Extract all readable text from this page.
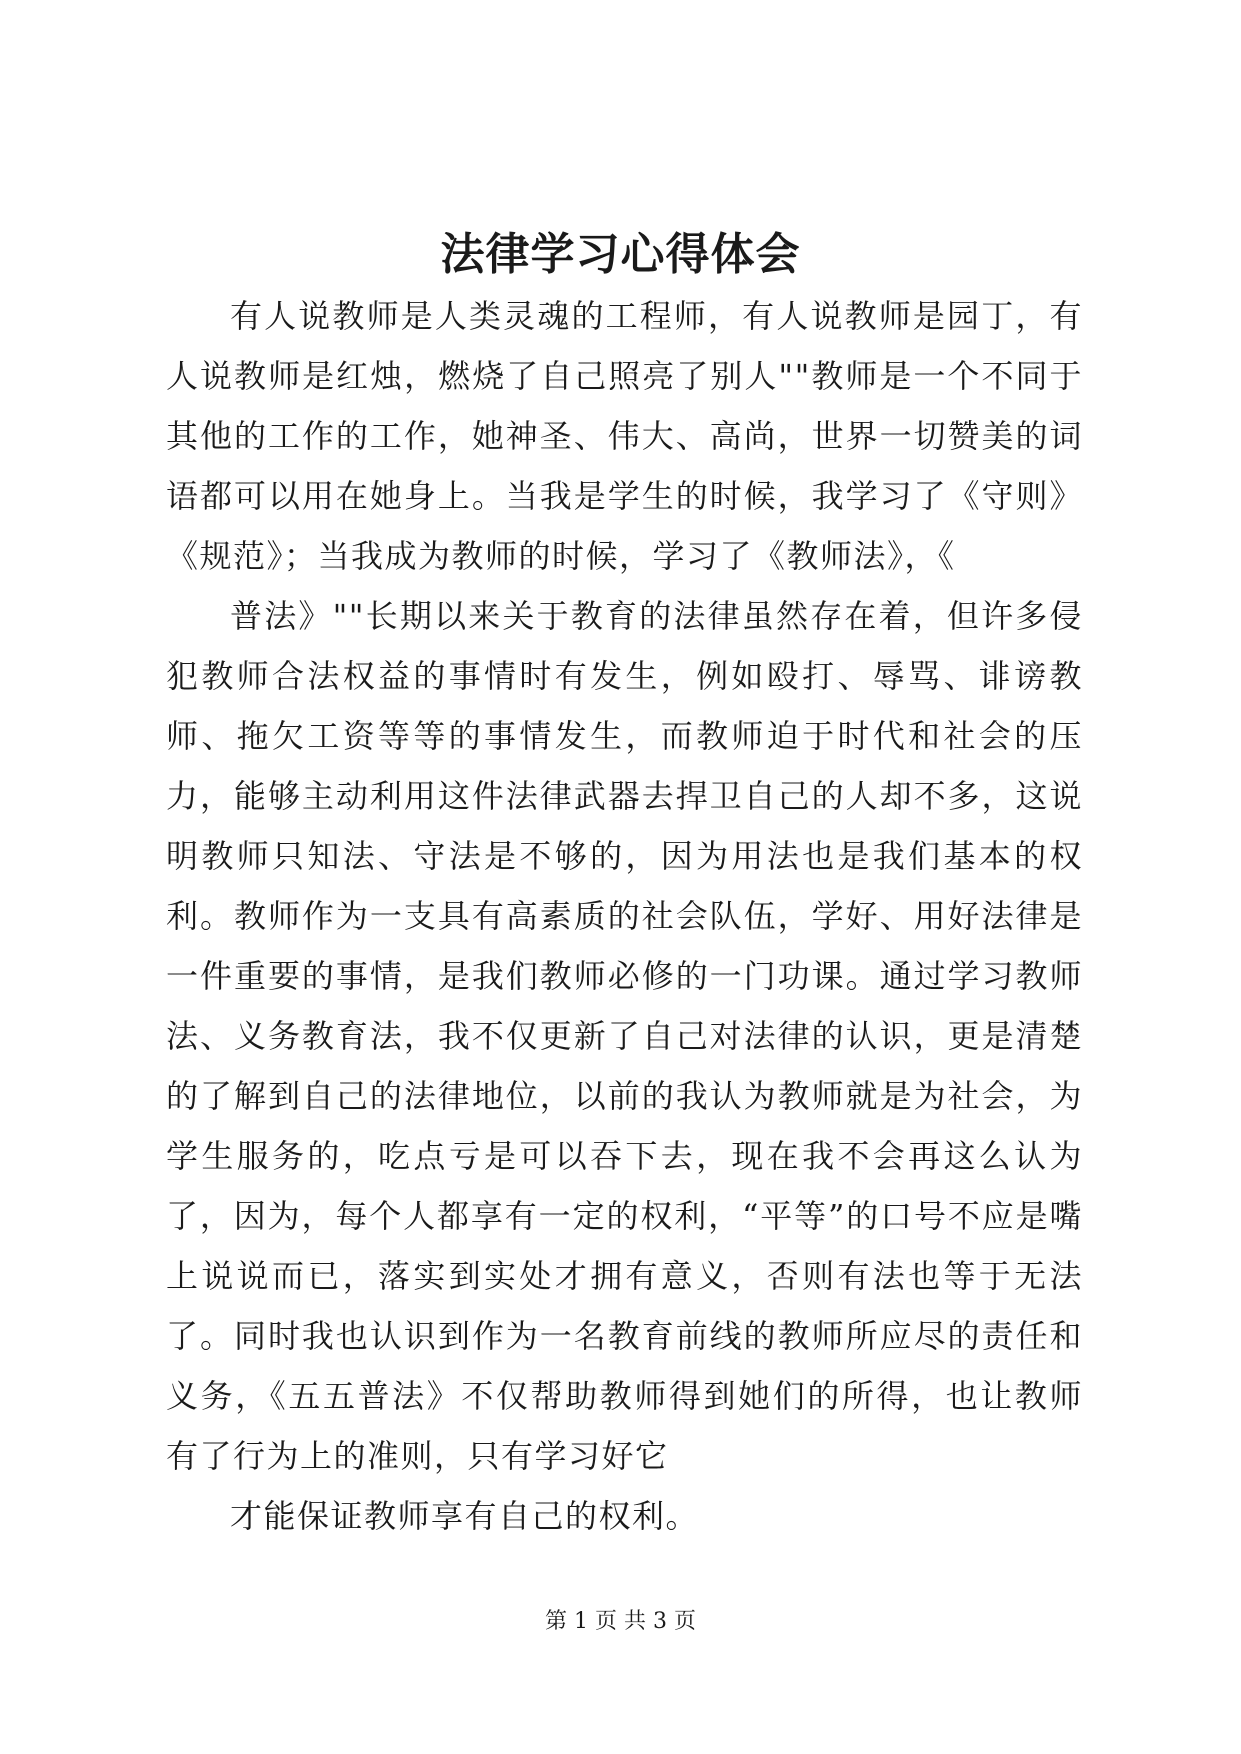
法律学习心得体会

有人说教师是人类灵魂的工程师，有人说教师是园丁，有人说教师是红烛，燃烧了自己照亮了别人""教师是一个不同于其他的工作的工作，她神圣、伟大、高尚，世界一切赞美的词语都可以用在她身上。当我是学生的时候，我学习了《守则》《规范》；当我成为教师的时候，学习了《教师法》，《

普法》""长期以来关于教育的法律虽然存在着，但许多侵犯教师合法权益的事情时有发生，例如殴打、辱骂、诽谤教师、拖欠工资等等的事情发生，而教师迫于时代和社会的压力，能够主动利用这件法律武器去捍卫自己的人却不多，这说明教师只知法、守法是不够的，因为用法也是我们基本的权利。教师作为一支具有高素质的社会队伍，学好、用好法律是一件重要的事情，是我们教师必修的一门功课。通过学习教师法、义务教育法，我不仅更新了自己对法律的认识，更是清楚的了解到自己的法律地位，以前的我认为教师就是为社会，为学生服务的，吃点亏是可以吞下去，现在我不会再这么认为了，因为，每个人都享有一定的权利，“平等”的口号不应是嘴上说说而已，落实到实处才拥有意义，否则有法也等于无法了。同时我也认识到作为一名教育前线的教师所应尽的责任和义务，《五五普法》不仅帮助教师得到她们的所得，也让教师有了行为上的准则，只有学习好它

才能保证教师享有自己的权利。

第 1 页 共 3 页
